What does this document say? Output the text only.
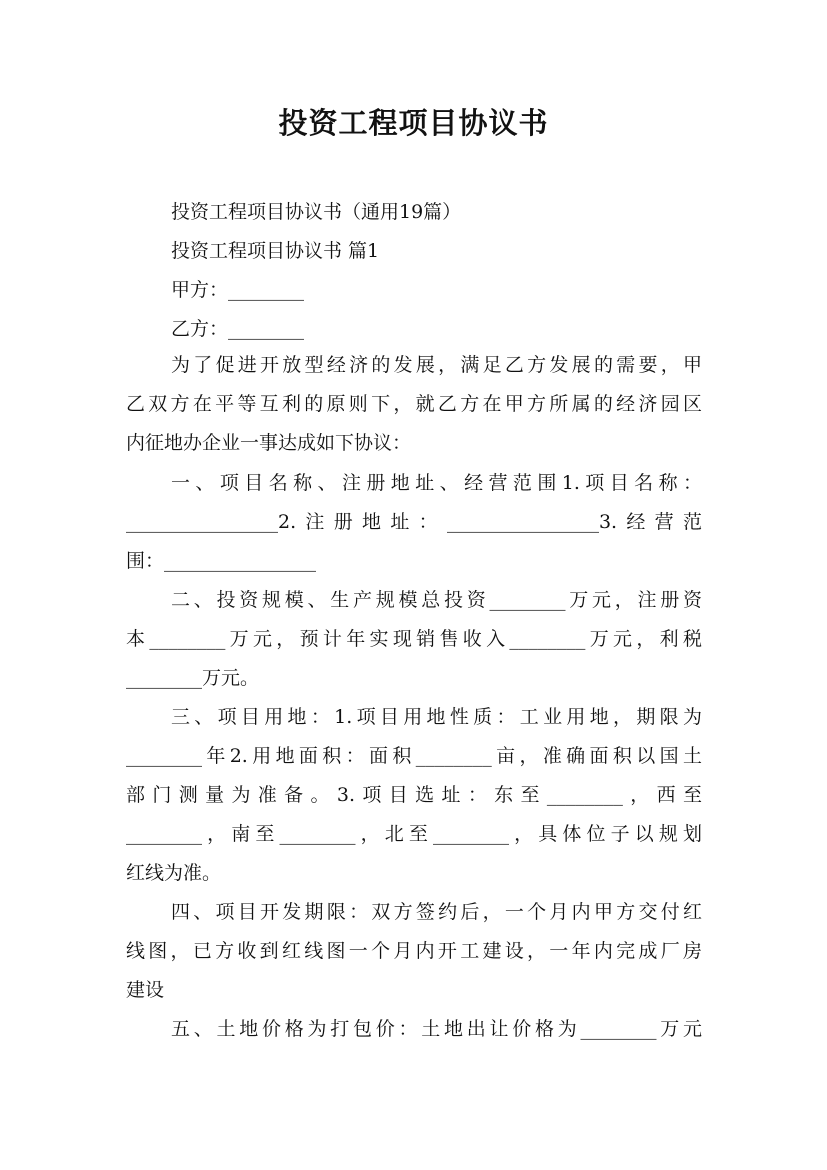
投资工程项目协议书
投资工程项目协议书（通用19篇）
投资工程项目协议书 篇1
甲方：________
乙方：________
为了促进开放型经济的发展，满足乙方发展的需要，甲
乙双方在平等互利的原则下，就乙方在甲方所属的经济园区
内征地办企业一事达成如下协议：
一、项目名称、注册地址、经营范围1.项目名称：
________________2.注册地址：________________3.经营范
围：________________
二、投资规模、生产规模总投资________万元，注册资
本________万元，预计年实现销售收入________万元，利税
________万元。
三、项目用地：1.项目用地性质：工业用地，期限为
________年2.用地面积：面积________亩，准确面积以国土
部门测量为准备。3.项目选址：东至________，西至
________，南至________，北至________，具体位子以规划
红线为准。
四、项目开发期限：双方签约后，一个月内甲方交付红
线图，已方收到红线图一个月内开工建设，一年内完成厂房
建设
五、土地价格为打包价：土地出让价格为________万元
